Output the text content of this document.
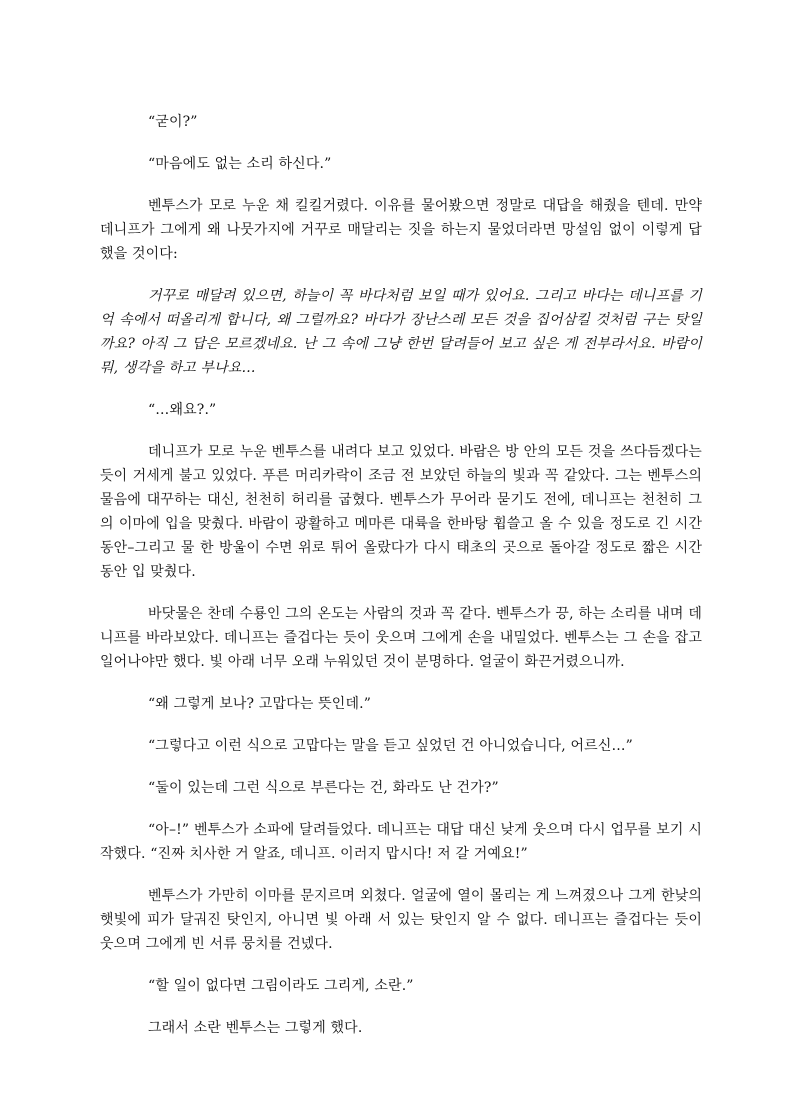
“굳이?”

“마음에도 없는 소리 하신다.”

벤투스가 모로 누운 채 킬킬거렸다. 이유를 물어봤으면 정말로 대답을 해줬을 텐데. 만약 데니프가 그에게 왜 나뭇가지에 거꾸로 매달리는 짓을 하는지 물었더라면 망설임 없이 이렇게 답했을 것이다:

거꾸로 매달려 있으면, 하늘이 꼭 바다처럼 보일 때가 있어요. 그리고 바다는 데니프를 기억 속에서 떠올리게 합니다, 왜 그럴까요? 바다가 장난스레 모든 것을 집어삼킬 것처럼 구는 탓일까요? 아직 그 답은 모르겠네요. 난 그 속에 그냥 한번 달려들어 보고 싶은 게 전부라서요. 바람이 뭐, 생각을 하고 부나요…

“…왜요?.”

데니프가 모로 누운 벤투스를 내려다 보고 있었다. 바람은 방 안의 모든 것을 쓰다듬겠다는 듯이 거세게 불고 있었다. 푸른 머리카락이 조금 전 보았던 하늘의 빛과 꼭 같았다. 그는 벤투스의 물음에 대꾸하는 대신, 천천히 허리를 굽혔다. 벤투스가 무어라 묻기도 전에, 데니프는 천천히 그의 이마에 입을 맞췄다. 바람이 광활하고 메마른 대륙을 한바탕 휩쓸고 올 수 있을 정도로 긴 시간 동안–그리고 물 한 방울이 수면 위로 튀어 올랐다가 다시 태초의 곳으로 돌아갈 정도로 짧은 시간 동안 입 맞췄다.

바닷물은 찬데 수룡인 그의 온도는 사람의 것과 꼭 같다. 벤투스가 끙, 하는 소리를 내며 데니프를 바라보았다. 데니프는 즐겁다는 듯이 웃으며 그에게 손을 내밀었다. 벤투스는 그 손을 잡고 일어나야만 했다. 빛 아래 너무 오래 누워있던 것이 분명하다. 얼굴이 화끈거렸으니까.

“왜 그렇게 보나? 고맙다는 뜻인데.”

“그렇다고 이런 식으로 고맙다는 말을 듣고 싶었던 건 아니었습니다, 어르신…”

“둘이 있는데 그런 식으로 부른다는 건, 화라도 난 건가?”

“아–!” 벤투스가 소파에 달려들었다. 데니프는 대답 대신 낮게 웃으며 다시 업무를 보기 시작했다. “진짜 치사한 거 알죠, 데니프. 이러지 맙시다! 저 갈 거예요!”

벤투스가 가만히 이마를 문지르며 외쳤다. 얼굴에 열이 몰리는 게 느껴졌으나 그게 한낮의 햇빛에 피가 달궈진 탓인지, 아니면 빛 아래 서 있는 탓인지 알 수 없다. 데니프는 즐겁다는 듯이 웃으며 그에게 빈 서류 뭉치를 건넸다.

“할 일이 없다면 그림이라도 그리게, 소란.”

그래서 소란 벤투스는 그렇게 했다.
